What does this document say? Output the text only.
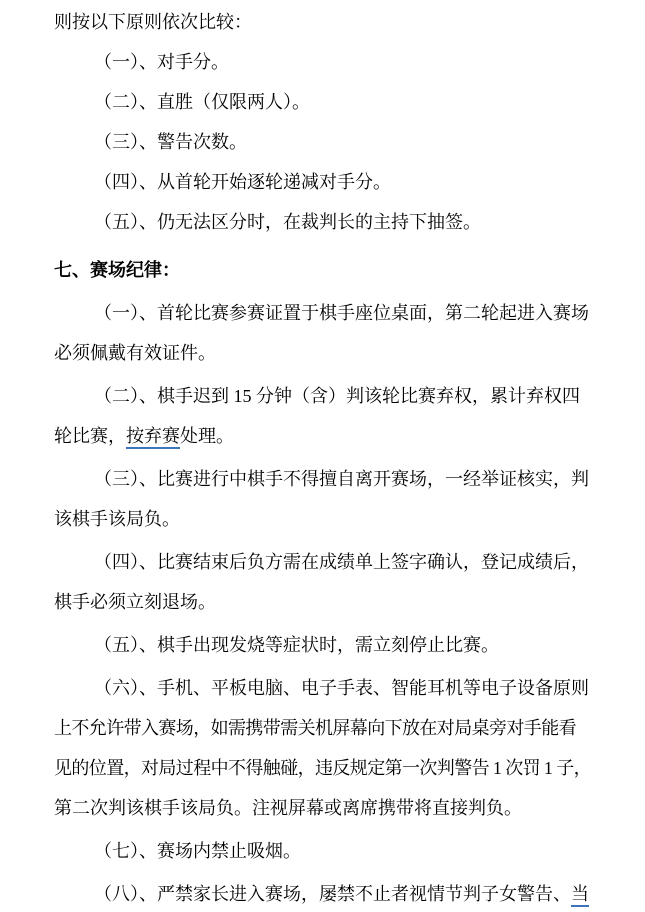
则按以下原则依次比较：
（一）、对手分。
（二）、直胜（仅限两人）。
（三）、警告次数。
（四）、从首轮开始逐轮递减对手分。
（五）、仍无法区分时，在裁判长的主持下抽签。
七、赛场纪律：
（一）、首轮比赛参赛证置于棋手座位桌面，第二轮起进入赛场
必须佩戴有效证件。
（二）、棋手迟到 15 分钟（含）判该轮比赛弃权，累计弃权四
轮比赛，按弃赛处理。
（三）、比赛进行中棋手不得擅自离开赛场，一经举证核实，判
该棋手该局负。
（四）、比赛结束后负方需在成绩单上签字确认，登记成绩后，
棋手必须立刻退场。
（五）、棋手出现发烧等症状时，需立刻停止比赛。
（六）、手机、平板电脑、电子手表、智能耳机等电子设备原则
上不允许带入赛场，如需携带需关机屏幕向下放在对局桌旁对手能看
见的位置，对局过程中不得触碰，违反规定第一次判警告 1 次罚 1 子，
第二次判该棋手该局负。注视屏幕或离席携带将直接判负。
（七）、赛场内禁止吸烟。
（八）、严禁家长进入赛场，屡禁不止者视情节判子女警告、当
